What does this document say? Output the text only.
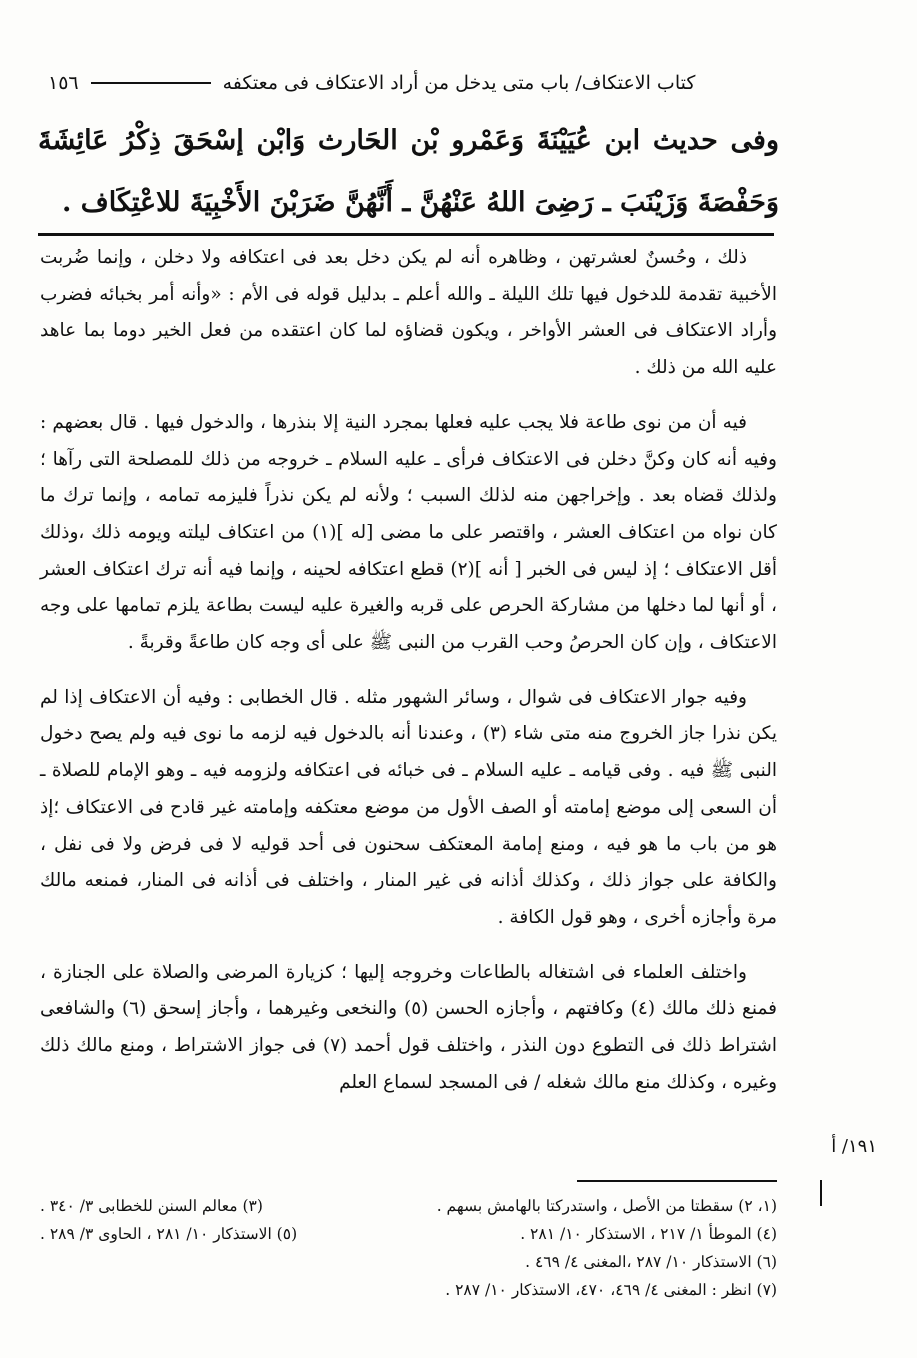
١٥٦	كتاب الاعتكاف/ باب متى يدخل من أراد الاعتكاف فى معتكفه
وفى حديث ابن عُيَيْنَةَ وَعَمْرو بْن الحَارث وَابْن إسْحَقَ ذِكْرُ عَائِشَةَ وَحَفْصَةَ وَزَيْنَبَ ـ رَضِىَ اللهُ عَنْهُنَّ ـ أَنَّهُنَّ ضَرَبْنَ الأَخْبِيَةَ للاعْتِكَاف .

ذلك ، وحُسنٌ لعشرتهن ، وظاهره أنه لم يكن دخل بعد فى اعتكافه ولا دخلن ، وإنما ضُربت الأخبية تقدمة للدخول فيها تلك الليلة ـ والله أعلم ـ بدليل قوله فى الأم : «وأنه أمر بخبائه فضرب وأراد الاعتكاف فى العشر الأواخر ، ويكون قضاؤه لما كان اعتقده من فعل الخير دوما بما عاهد عليه الله من ذلك .

فيه أن من نوى طاعة فلا يجب عليه فعلها بمجرد النية إلا بنذرها ، والدخول فيها . قال بعضهم : وفيه أنه كان وكنَّ دخلن فى الاعتكاف فرأى ـ عليه السلام ـ خروجه من ذلك للمصلحة التى رآها ؛ ولذلك قضاه بعد . وإخراجهن منه لذلك السبب ؛ ولأنه لم يكن نذراً فليزمه تمامه ، وإنما ترك ما كان نواه من اعتكاف العشر ، واقتصر على ما مضى [له ](١) من اعتكاف ليلته ويومه ذلك ،وذلك أقل الاعتكاف ؛ إذ ليس فى الخبر [ أنه ](٢) قطع اعتكافه لحينه ، وإنما فيه أنه ترك اعتكاف العشر ، أو أنها لما دخلها من مشاركة الحرص على قربه والغيرة عليه ليست بطاعة يلزم تمامها على وجه الاعتكاف ، وإن كان الحرصُ وحب القرب من النبى ﷺ على أى وجه كان طاعةً وقربةً .

وفيه جوار الاعتكاف فى شوال ، وسائر الشهور مثله . قال الخطابى : وفيه أن الاعتكاف إذا لم يكن نذرا جاز الخروج منه متى شاء (٣) ، وعندنا أنه بالدخول فيه لزمه ما نوى فيه ولم يصح دخول النبى ﷺ فيه . وفى قيامه ـ عليه السلام ـ فى خبائه فى اعتكافه ولزومه فيه ـ وهو الإمام للصلاة ـ أن السعى إلى موضع إمامته أو الصف الأول من موضع معتكفه وإمامته غير قادح فى الاعتكاف ؛إذ هو من باب ما هو فيه ، ومنع إمامة المعتكف سحنون فى أحد قوليه لا فى فرض ولا فى نفل ، والكافة على جواز ذلك ، وكذلك أذانه فى غير المنار ، واختلف فى أذانه فى المنار، فمنعه مالك مرة وأجازه أخرى ، وهو قول الكافة .

واختلف العلماء فى اشتغاله بالطاعات وخروجه إليها ؛ كزيارة المرضى والصلاة على الجنازة ، فمنع ذلك مالك (٤) وكافتهم ، وأجازه الحسن (٥) والنخعى وغيرهما ، وأجاز إسحق (٦) والشافعى اشتراط ذلك فى التطوع دون النذر ، واختلف قول أحمد (٧) فى جواز الاشتراط ، ومنع مالك ذلك وغيره ، وكذلك منع مالك شغله / فى المسجد لسماع العلم

١٩١/ أ
(١، ٢) سقطتا من الأصل ، واستدركتا بالهامش بسهم .
(٣) معالم السنن للخطابى ٣/ ٣٤٠ .
(٤) الموطأ ١/ ٢١٧ ، الاستذكار ١٠/ ٢٨١ .
(٥) الاستذكار ١٠/ ٢٨١ ، الحاوى ٣/ ٢٨٩ .
(٦) الاستذكار ١٠/ ٢٨٧ ،المغنى ٤/ ٤٦٩ .
(٧) انظر : المغنى ٤/ ٤٦٩، ٤٧٠، الاستذكار ١٠/ ٢٨٧ .
